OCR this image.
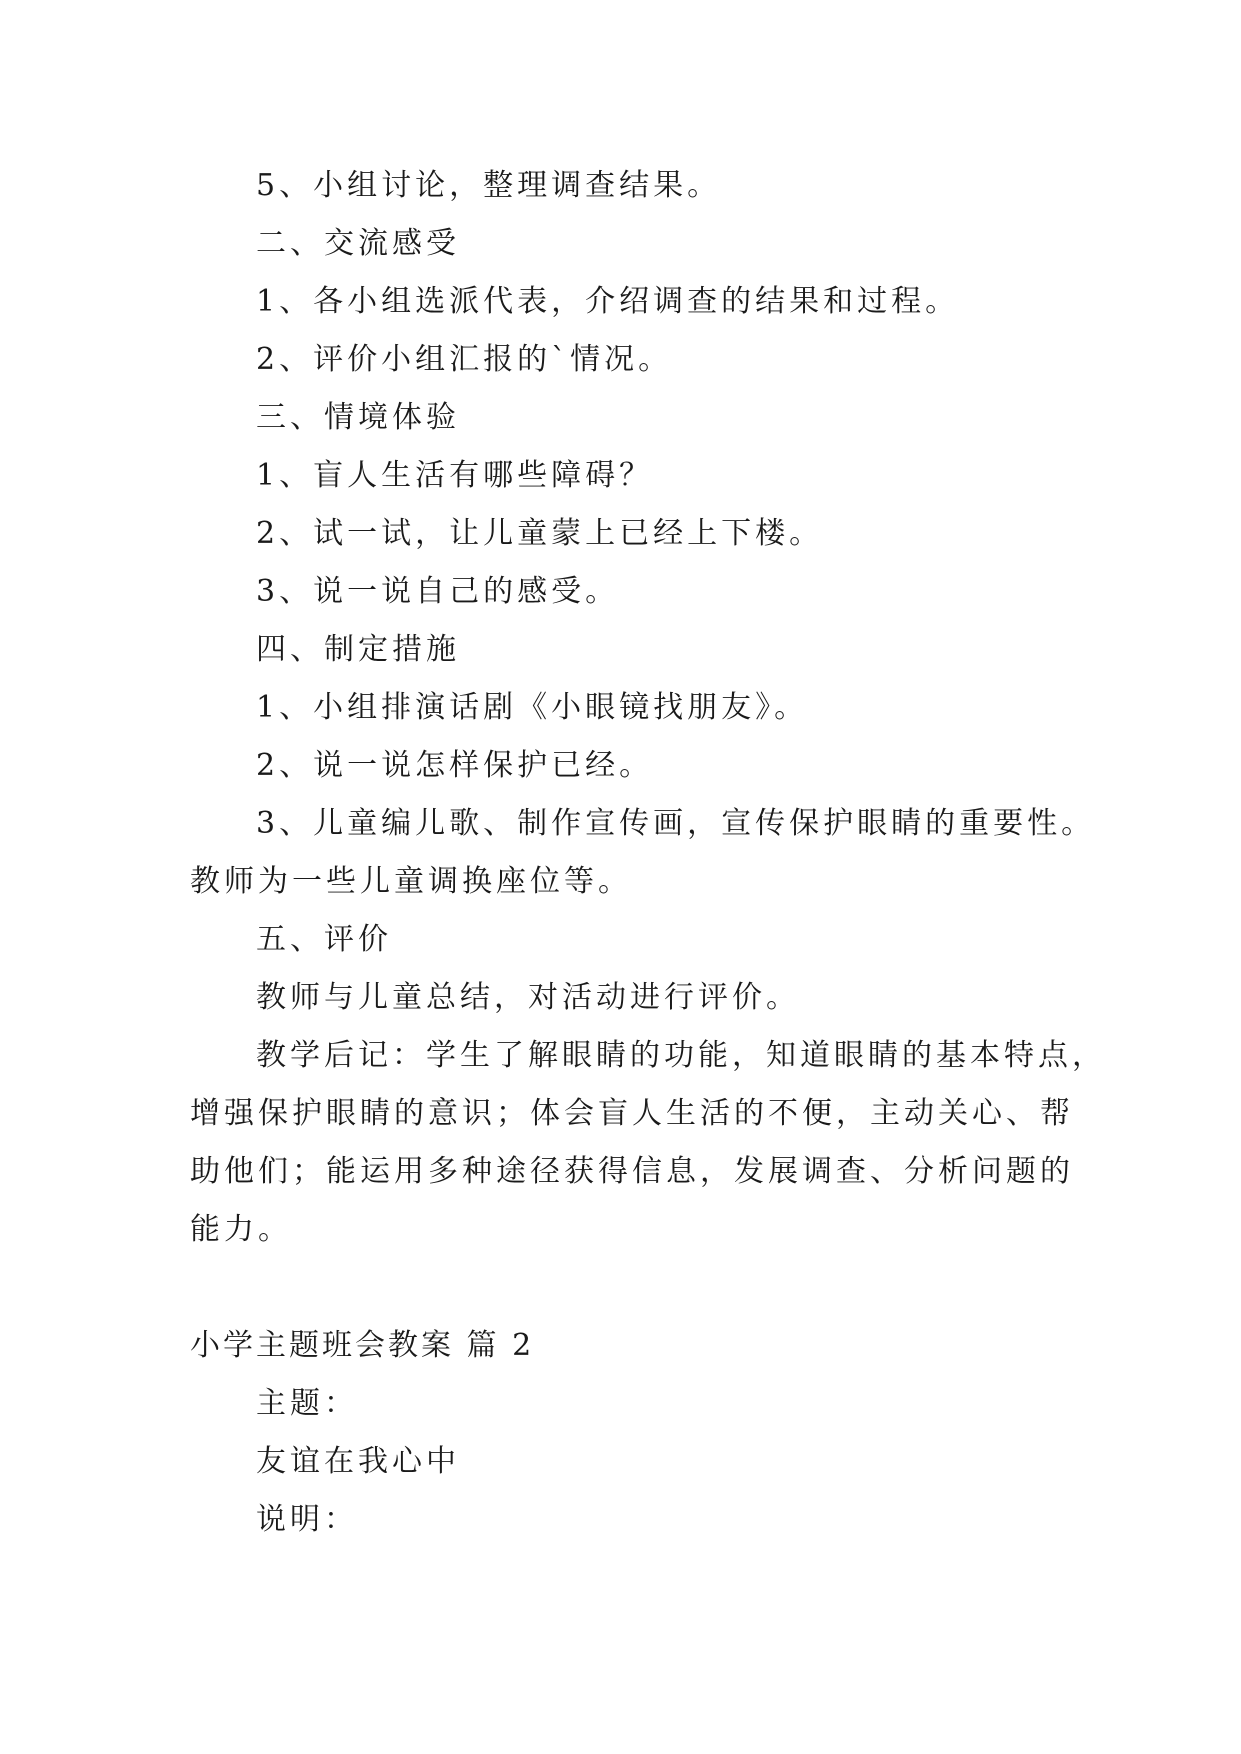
5、小组讨论，整理调查结果。
二、交流感受
1、各小组选派代表，介绍调查的结果和过程。
2、评价小组汇报的`情况。
三、情境体验
1、盲人生活有哪些障碍？
2、试一试，让儿童蒙上已经上下楼。
3、说一说自己的感受。
四、制定措施
1、小组排演话剧《小眼镜找朋友》。
2、说一说怎样保护已经。
3、儿童编儿歌、制作宣传画，宣传保护眼睛的重要性。
教师为一些儿童调换座位等。
五、评价
教师与儿童总结，对活动进行评价。
教学后记：学生了解眼睛的功能，知道眼睛的基本特点，
增强保护眼睛的意识；体会盲人生活的不便，主动关心、帮
助他们；能运用多种途径获得信息，发展调查、分析问题的
能力。
小学主题班会教案 篇 2
主题：
友谊在我心中
说明：
